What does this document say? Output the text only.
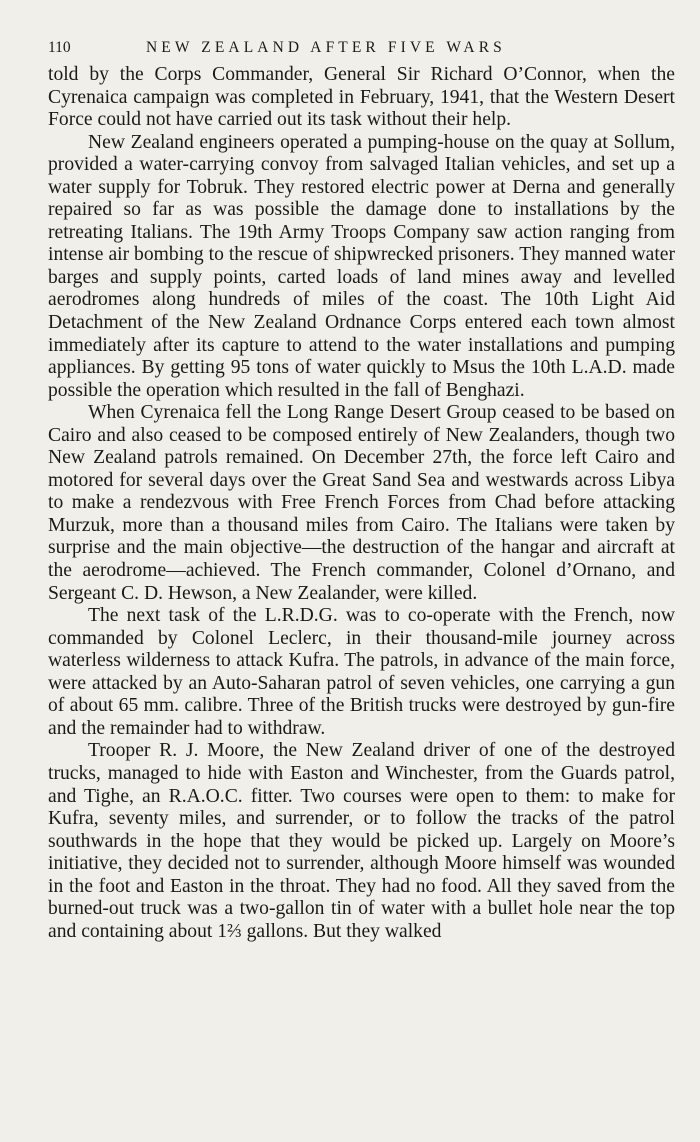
110	NEW ZEALAND AFTER FIVE WARS

told by the Corps Commander, General Sir Richard O’Connor, when the Cyrenaica campaign was completed in February, 1941, that the Western Desert Force could not have carried out its task without their help.

New Zealand engineers operated a pumping-house on the quay at Sollum, provided a water-carrying convoy from salvaged Italian vehicles, and set up a water supply for Tobruk. They restored electric power at Derna and generally repaired so far as was possible the damage done to installations by the retreating Italians. The 19th Army Troops Company saw action ranging from intense air bombing to the rescue of shipwrecked prisoners. They manned water barges and supply points, carted loads of land mines away and levelled aerodromes along hundreds of miles of the coast. The 10th Light Aid Detachment of the New Zealand Ordnance Corps entered each town almost immediately after its capture to attend to the water installations and pumping appliances. By getting 95 tons of water quickly to Msus the 10th L.A.D. made possible the operation which resulted in the fall of Benghazi.

When Cyrenaica fell the Long Range Desert Group ceased to be based on Cairo and also ceased to be composed entirely of New Zealanders, though two New Zealand patrols remained. On December 27th, the force left Cairo and motored for several days over the Great Sand Sea and westwards across Libya to make a rendezvous with Free French Forces from Chad before attacking Murzuk, more than a thousand miles from Cairo. The Italians were taken by surprise and the main objective—the destruction of the hangar and aircraft at the aerodrome—achieved. The French commander, Colonel d’Ornano, and Sergeant C. D. Hewson, a New Zealander, were killed.

The next task of the L.R.D.G. was to co-operate with the French, now commanded by Colonel Leclerc, in their thousand-mile journey across waterless wilderness to attack Kufra. The patrols, in advance of the main force, were attacked by an Auto-Saharan patrol of seven vehicles, one carrying a gun of about 65 mm. calibre. Three of the British trucks were destroyed by gun-fire and the remainder had to withdraw.

Trooper R. J. Moore, the New Zealand driver of one of the destroyed trucks, managed to hide with Easton and Winchester, from the Guards patrol, and Tighe, an R.A.O.C. fitter. Two courses were open to them: to make for Kufra, seventy miles, and surrender, or to follow the tracks of the patrol southwards in the hope that they would be picked up. Largely on Moore’s initiative, they decided not to surrender, although Moore himself was wounded in the foot and Easton in the throat. They had no food. All they saved from the burned-out truck was a two-gallon tin of water with a bullet hole near the top and containing about 1⅔ gallons. But they walked
